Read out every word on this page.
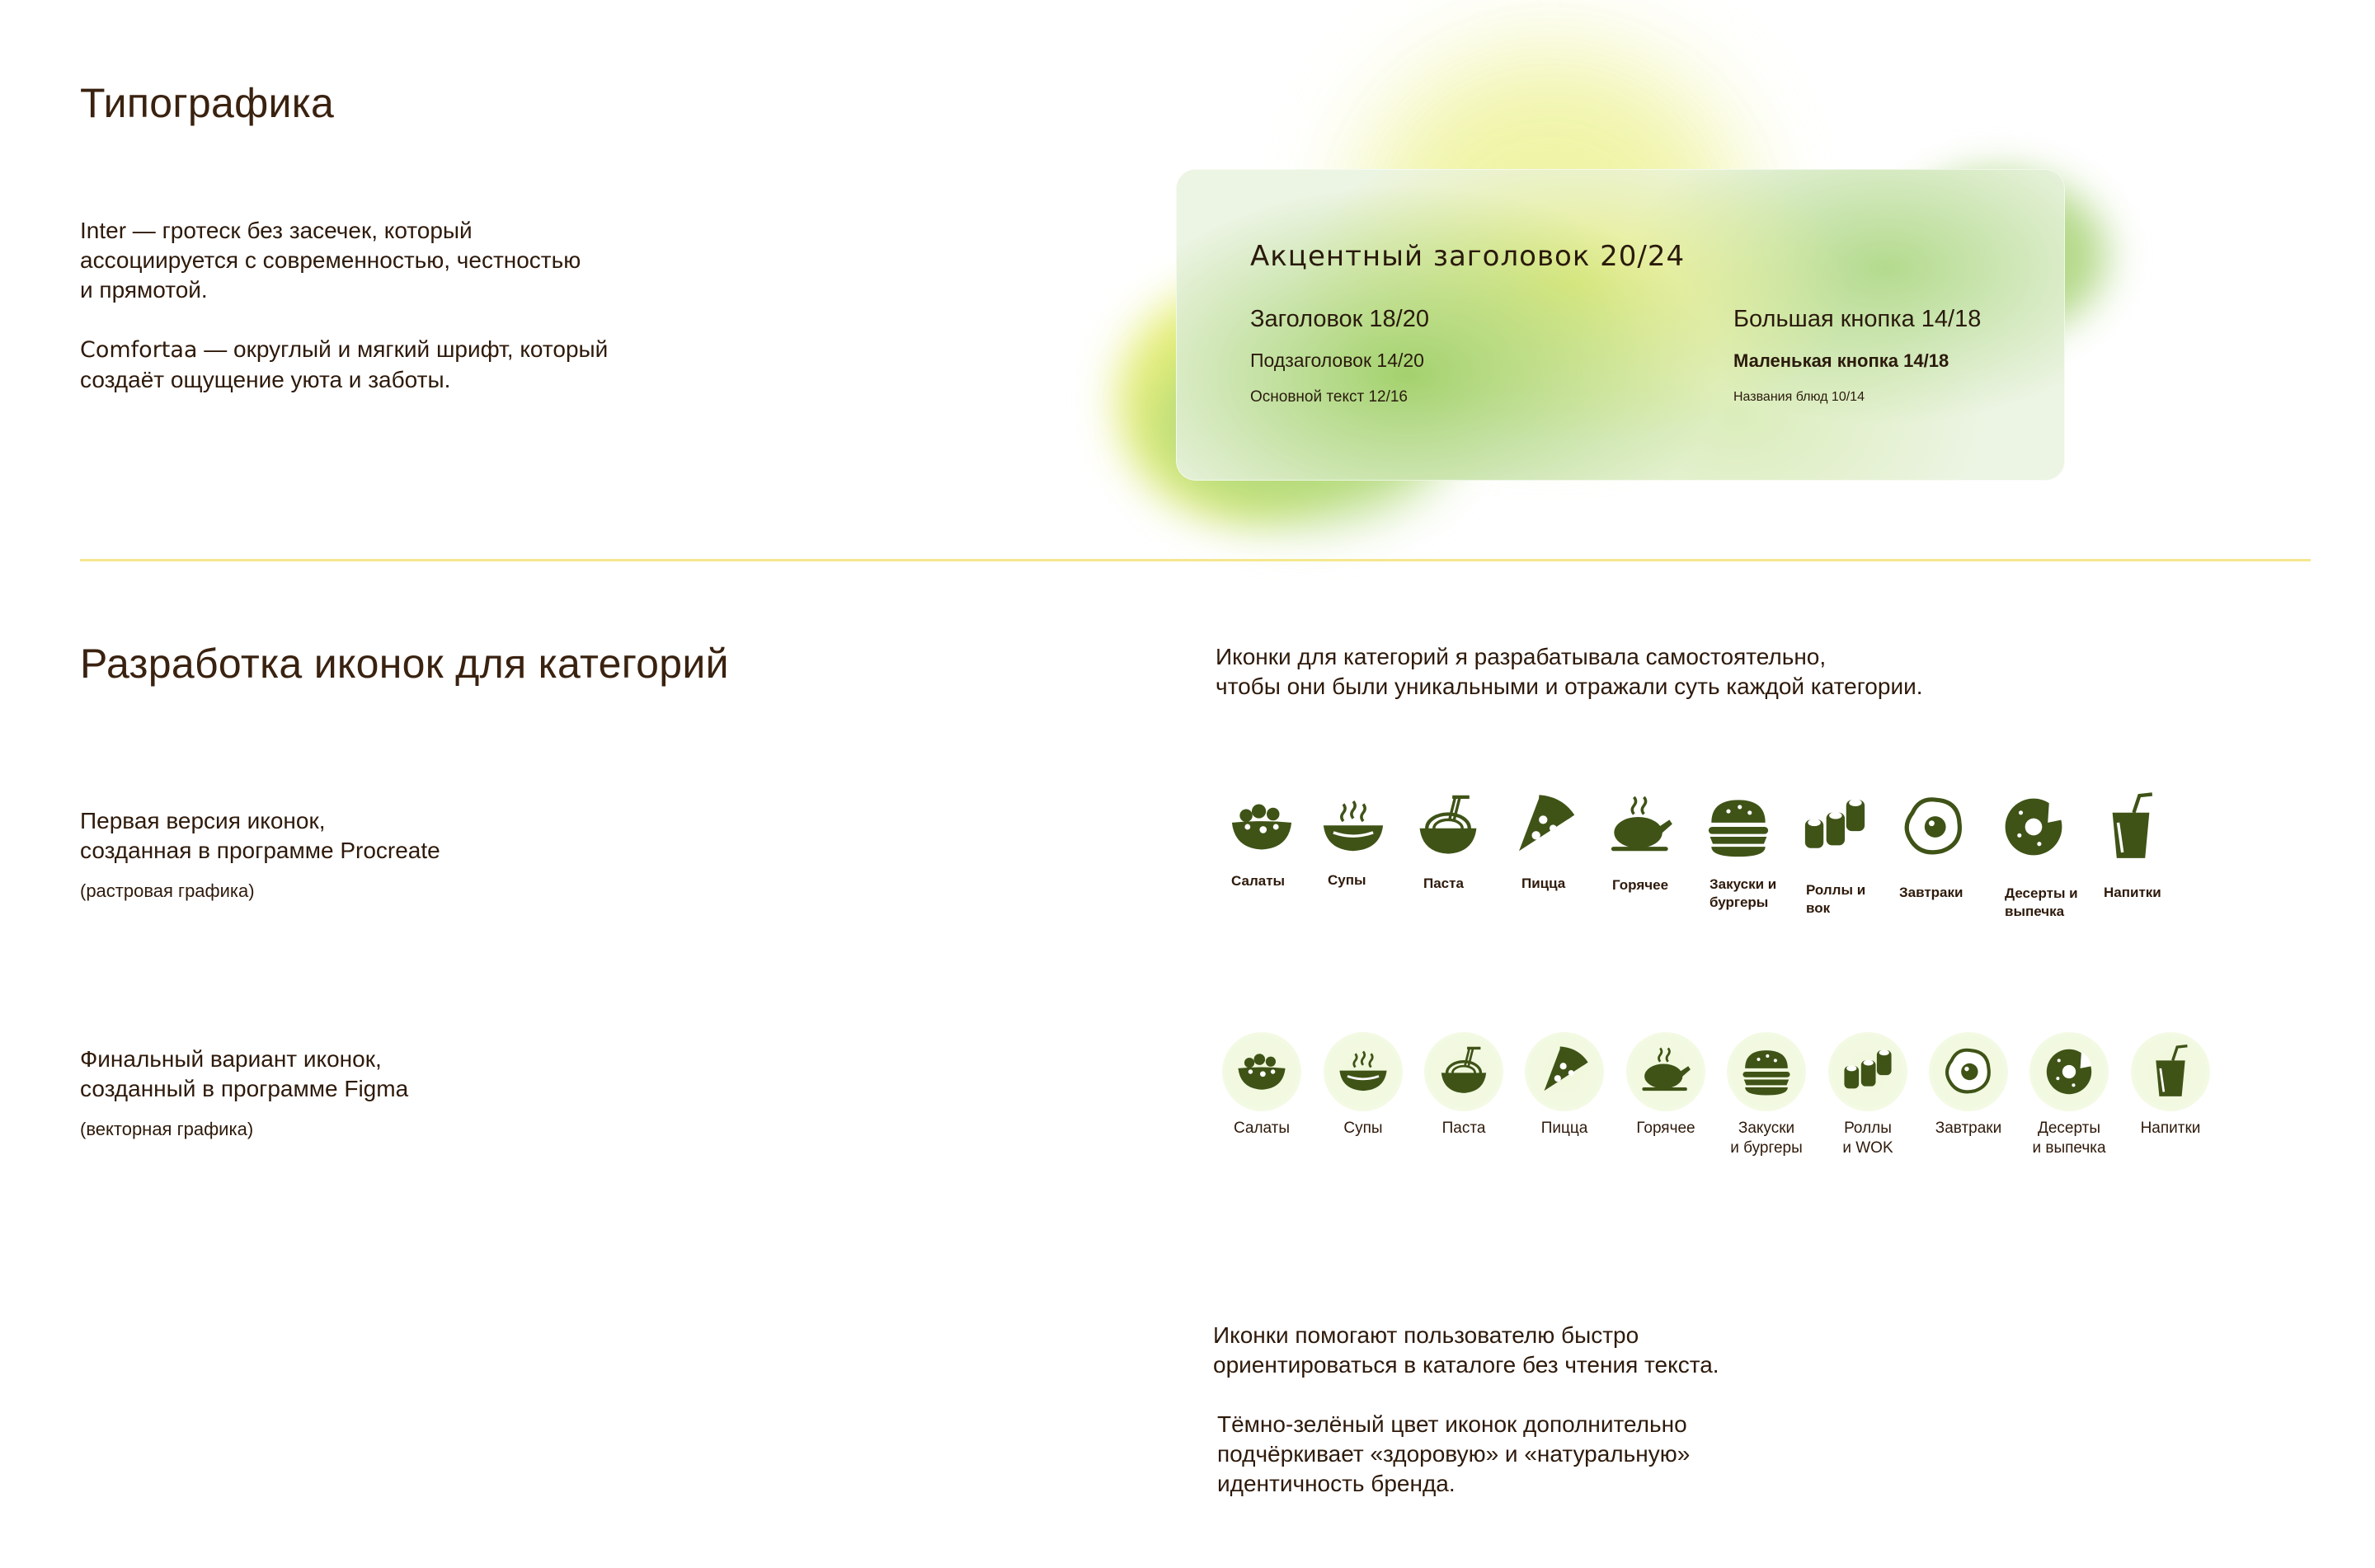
Типографика
Inter — гротеск без засечек, который
ассоциируется с современностью, честностью
и прямотой.
Comfortaa — округлый и мягкий шрифт, который
создаёт ощущение уюта и заботы.
Акцентный заголовок 20/24
Заголовок 18/20
Подзаголовок 14/20
Основной текст 12/16
Большая кнопка 14/18
Маленькая кнопка 14/18
Названия блюд 10/14
Разработка иконок для категорий	Иконки для категорий я разрабатывала самостоятельно,
чтобы они были уникальными и отражали суть каждой категории.
Первая версия иконок,
созданная в программе Procreate
(растровая графика)
Финальный вариант иконок,
созданный в программе Figma
(векторная графика)
Салаты	Супы	Паста	Пицца	Горячее	Закуски и
бургеры
Роллы и
вок
Завтраки	Десерты и
выпечка
Напитки
Салаты	Супы	Паста	Пицца	Горячее	Закуски
и бургеры
Роллы
и WOK
Завтраки	Десерты
и выпечка
Напитки
Иконки помогают пользователю быстро
ориентироваться в каталоге без чтения текста.
Тёмно-зелёный цвет иконок дополнительно
подчёркивает «здоровую» и «натуральную»
идентичность бренда.
